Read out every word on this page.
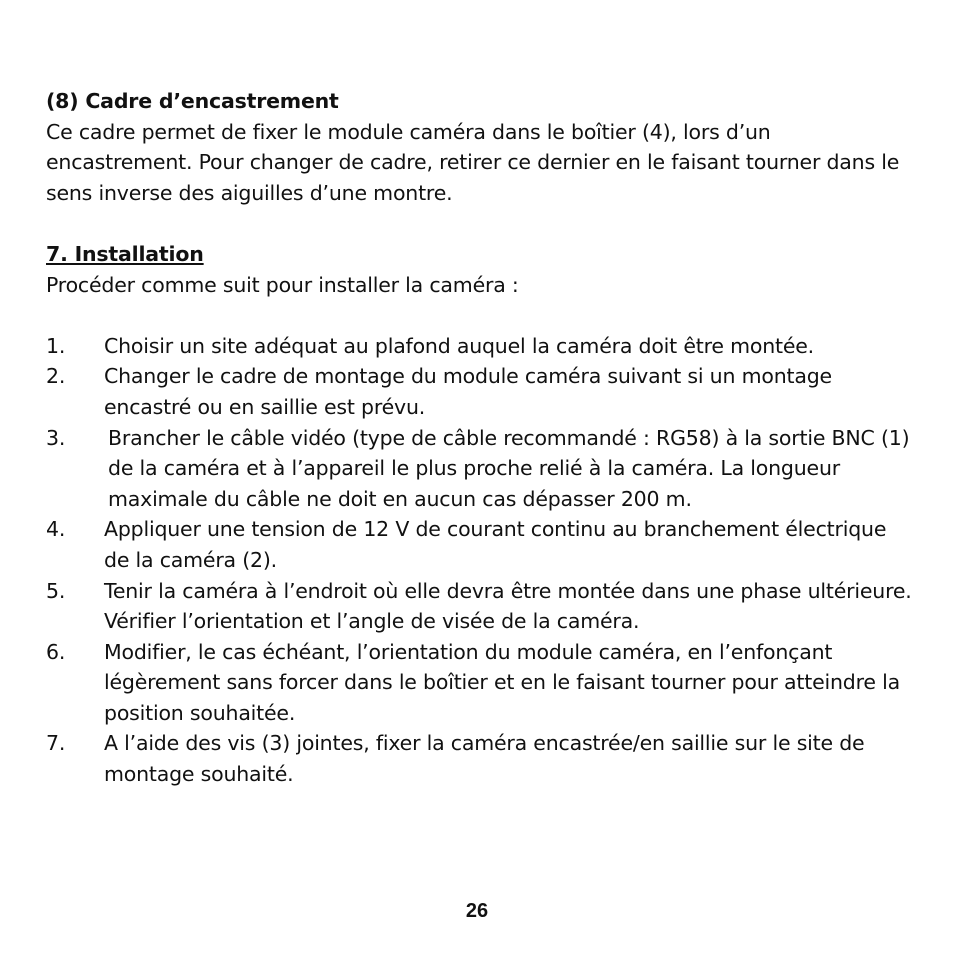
(8) Cadre d’encastrement

Ce cadre permet de fixer le module caméra dans le boîtier (4), lors d’un encastrement. Pour changer de cadre, retirer ce dernier en le faisant tourner dans le sens inverse des aiguilles d’une montre.

7. Installation

Procéder comme suit pour installer la caméra :

1.	Choisir un site adéquat au plafond auquel la caméra doit être montée.
2.	Changer le cadre de montage du module caméra suivant si un montage encastré ou en saillie est prévu.
3.	Brancher le câble vidéo (type de câble recommandé : RG58) à la sortie BNC (1) de la caméra et à l’appareil le plus proche relié à la caméra. La longueur maximale du câble ne doit en aucun cas dépasser 200 m.
4.	Appliquer une tension de 12 V de courant continu au branchement électrique de la caméra (2).
5.	Tenir la caméra à l’endroit où elle devra être montée dans une phase ultérieure. Vérifier l’orientation et l’angle de visée de la caméra.
6.	Modifier, le cas échéant, l’orientation du module caméra, en l’enfonçant légèrement sans forcer dans le boîtier et en le faisant tourner pour atteindre la position souhaitée.
7.	A l’aide des vis (3) jointes, fixer la caméra encastrée/en saillie sur le site de montage souhaité.
26
